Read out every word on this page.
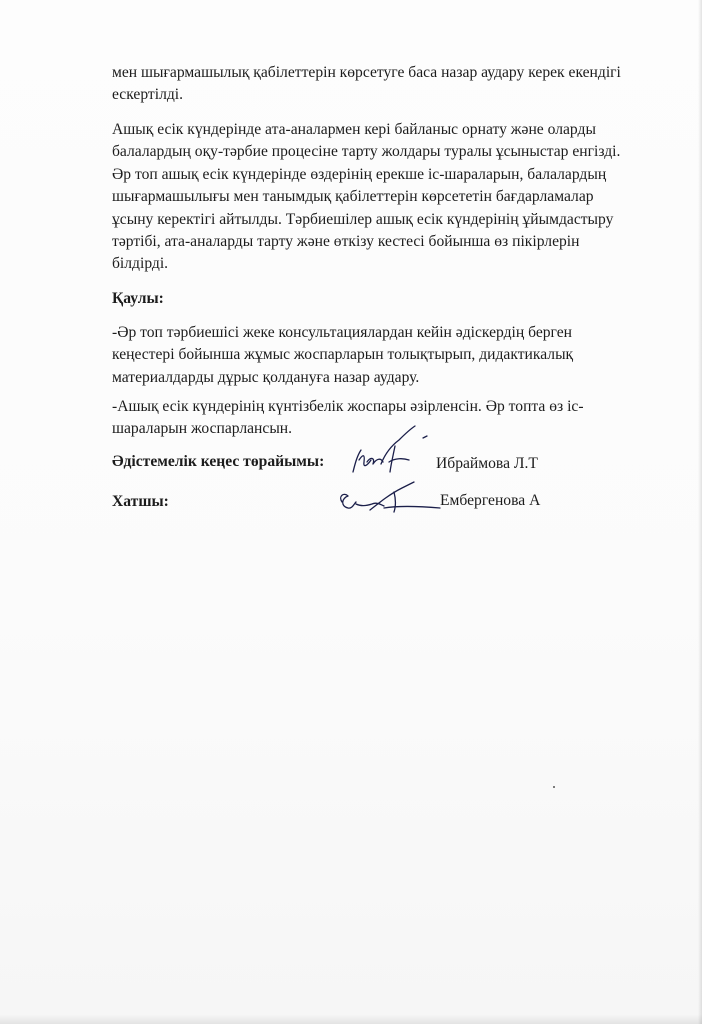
мен шығармашылық қабілеттерін көрсетуге баса назар аудару керек екендігі
ескертілді.
Ашық есік күндерінде ата-аналармен кері байланыс орнату және оларды
балалардың оқу-тәрбие процесіне тарту жолдары туралы ұсыныстар енгізді.
Әр топ ашық есік күндерінде өздерінің ерекше іс-шараларын, балалардың
шығармашылығы мен танымдық қабілеттерін көрсететін бағдарламалар
ұсыну керектігі айтылды. Тәрбиешілер ашық есік күндерінің ұйымдастыру
тәртібі, ата-аналарды тарту және өткізу кестесі бойынша өз пікірлерін
білдірді.
Қаулы:
-Әр топ тәрбиешісі жеке консультациялардан кейін әдіскердің берген
кеңестері бойынша жұмыс жоспарларын толықтырып, дидактикалық
материалдарды дұрыс қолдануға назар аудару.
-Ашық есік күндерінің күнтізбелік жоспары әзірленсін. Әр топта өз іс-
шараларын жоспарлансын.
Әдістемелік кеңес төрайымы:	Ибраймова Л.Т
Хатшы:	Ембергенова А
